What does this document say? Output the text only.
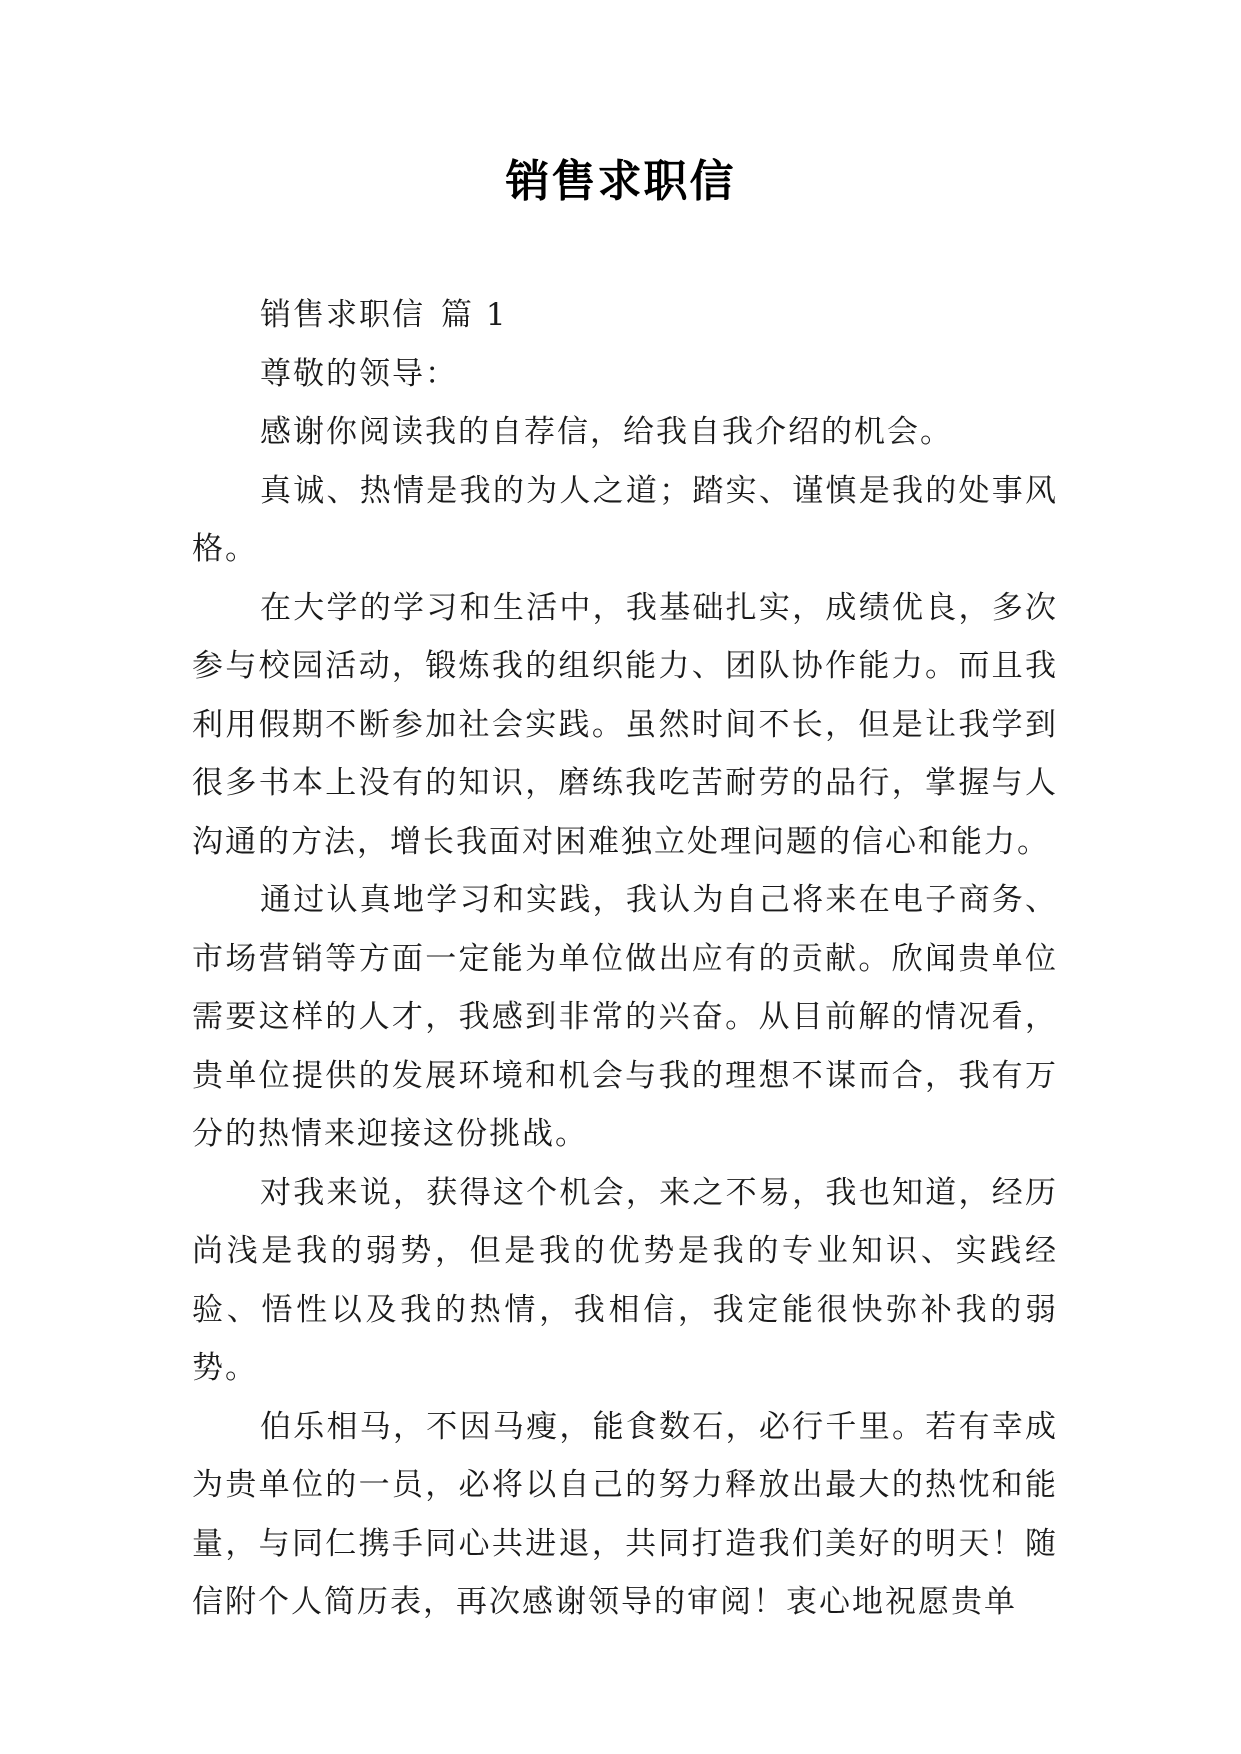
销售求职信

销售求职信 篇 1

尊敬的领导：

感谢你阅读我的自荐信，给我自我介绍的机会。

真诚、热情是我的为人之道；踏实、谨慎是我的处事风格。

在大学的学习和生活中，我基础扎实，成绩优良，多次参与校园活动，锻炼我的组织能力、团队协作能力。而且我利用假期不断参加社会实践。虽然时间不长，但是让我学到很多书本上没有的知识，磨练我吃苦耐劳的品行，掌握与人沟通的方法，增长我面对困难独立处理问题的信心和能力。

通过认真地学习和实践，我认为自己将来在电子商务、市场营销等方面一定能为单位做出应有的贡献。欣闻贵单位需要这样的人才，我感到非常的兴奋。从目前解的情况看，贵单位提供的发展环境和机会与我的理想不谋而合，我有万分的热情来迎接这份挑战。

对我来说，获得这个机会，来之不易，我也知道，经历尚浅是我的弱势，但是我的优势是我的专业知识、实践经验、悟性以及我的热情，我相信，我定能很快弥补我的弱势。

伯乐相马，不因马瘦，能食数石，必行千里。若有幸成为贵单位的一员，必将以自己的努力释放出最大的热忱和能量，与同仁携手同心共进退，共同打造我们美好的明天！随信附个人简历表，再次感谢领导的审阅！衷心地祝愿贵单
